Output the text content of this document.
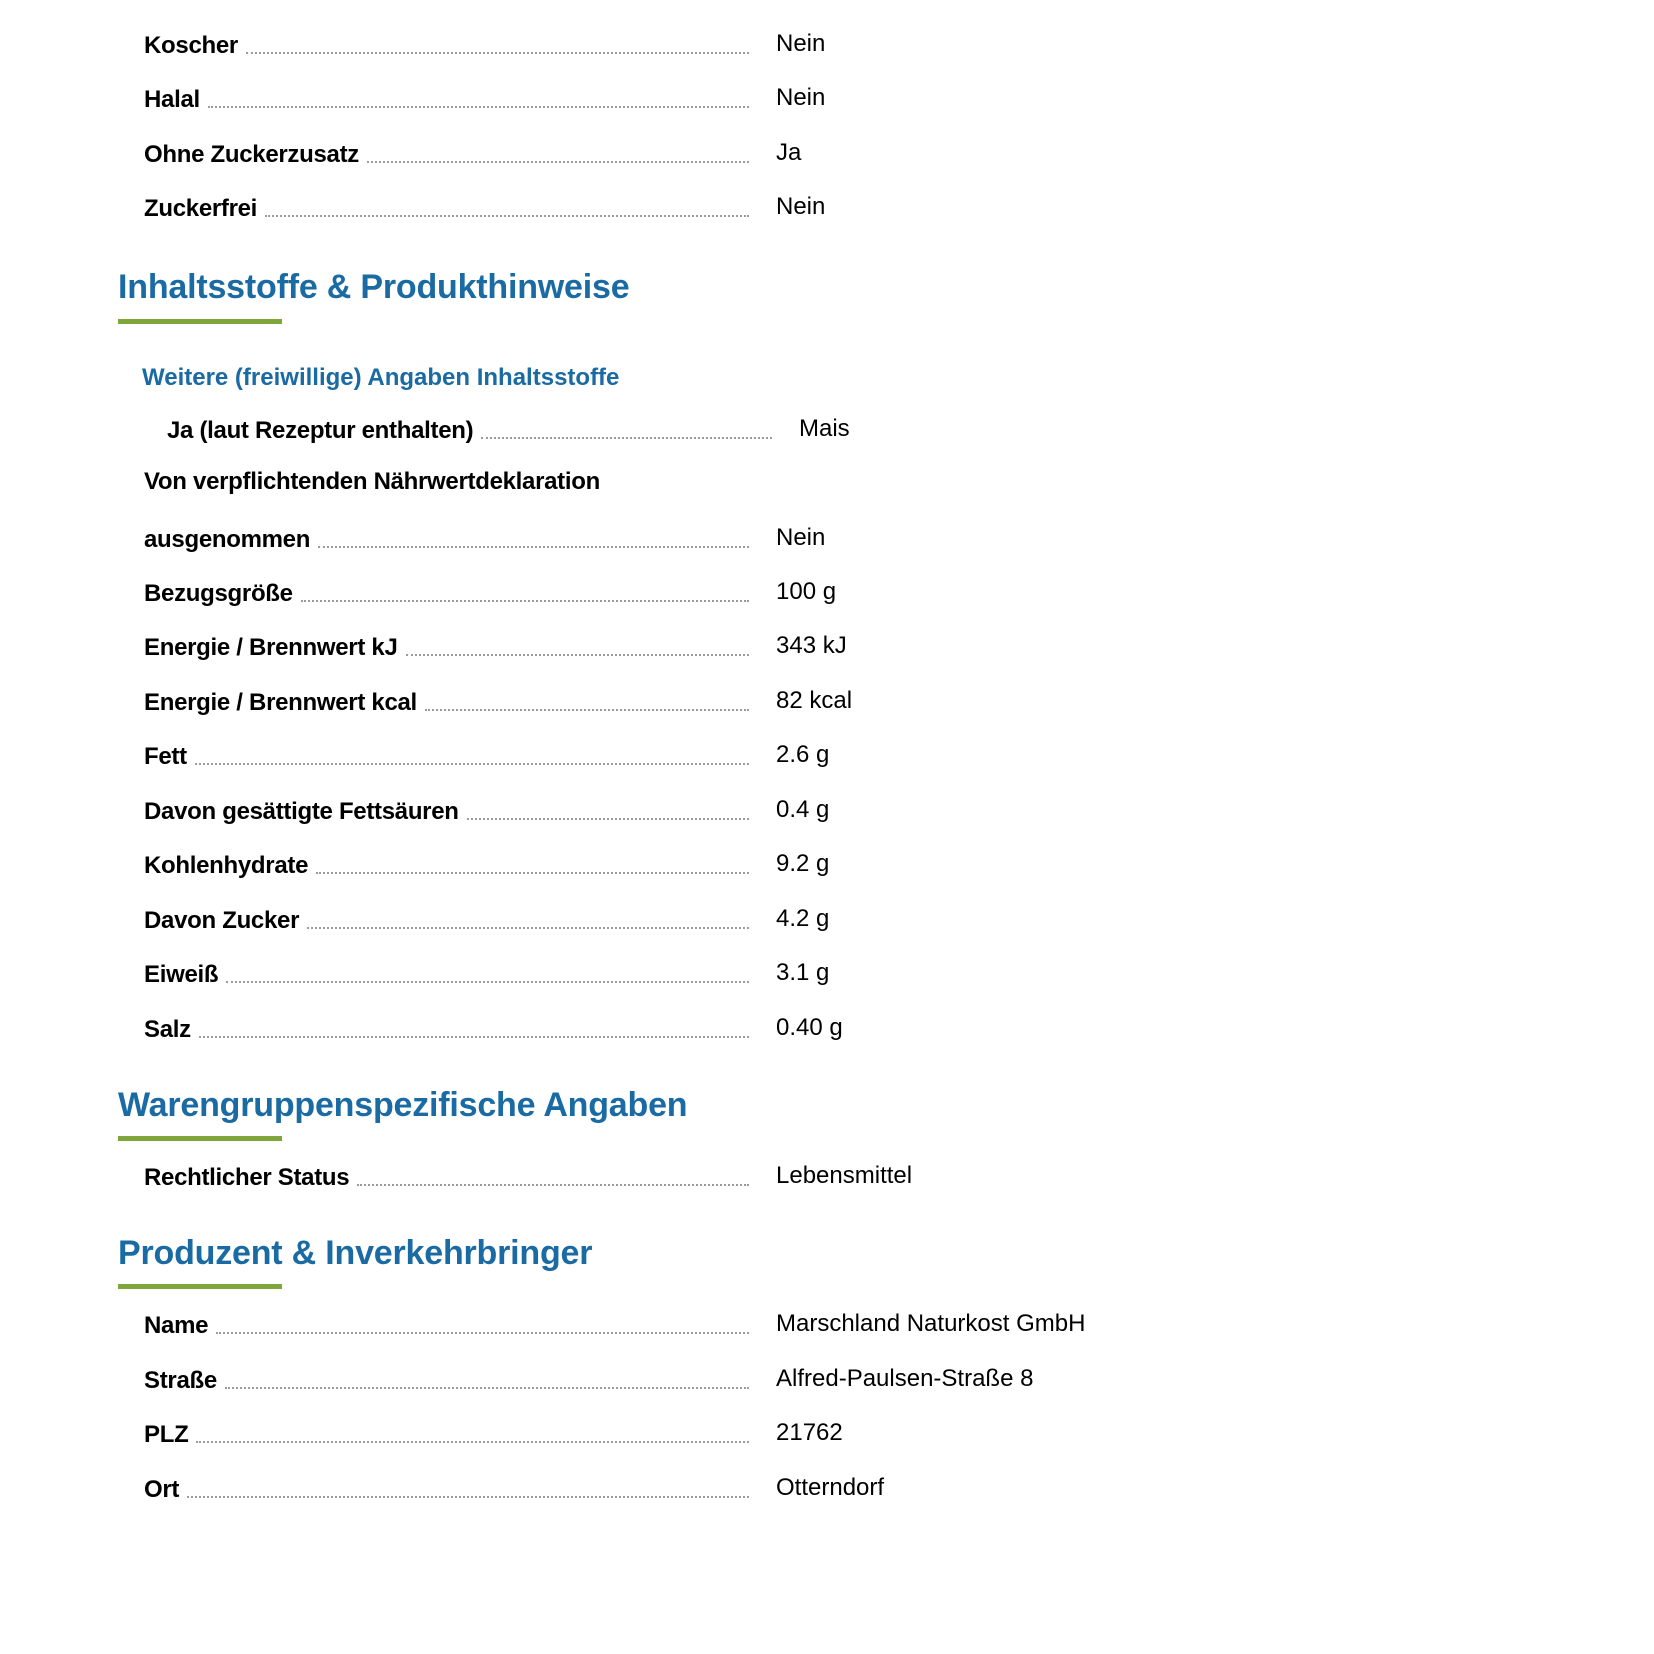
Koscher	Nein
Halal	Nein
Ohne Zuckerzusatz	Ja
Zuckerfrei	Nein
Inhaltsstoffe & Produkthinweise
Weitere (freiwillige) Angaben Inhaltsstoffe
Ja (laut Rezeptur enthalten)	Mais
Von verpflichtenden Nährwertdeklaration
ausgenommen	Nein
Bezugsgröße	100 g
Energie / Brennwert kJ	343 kJ
Energie / Brennwert kcal	82 kcal
Fett	2.6 g
Davon gesättigte Fettsäuren	0.4 g
Kohlenhydrate	9.2 g
Davon Zucker	4.2 g
Eiweiß	3.1 g
Salz	0.40 g
Warengruppenspezifische Angaben
Rechtlicher Status	Lebensmittel
Produzent & Inverkehrbringer
Name	Marschland Naturkost GmbH
Straße	Alfred-Paulsen-Straße 8
PLZ	21762
Ort	Otterndorf
